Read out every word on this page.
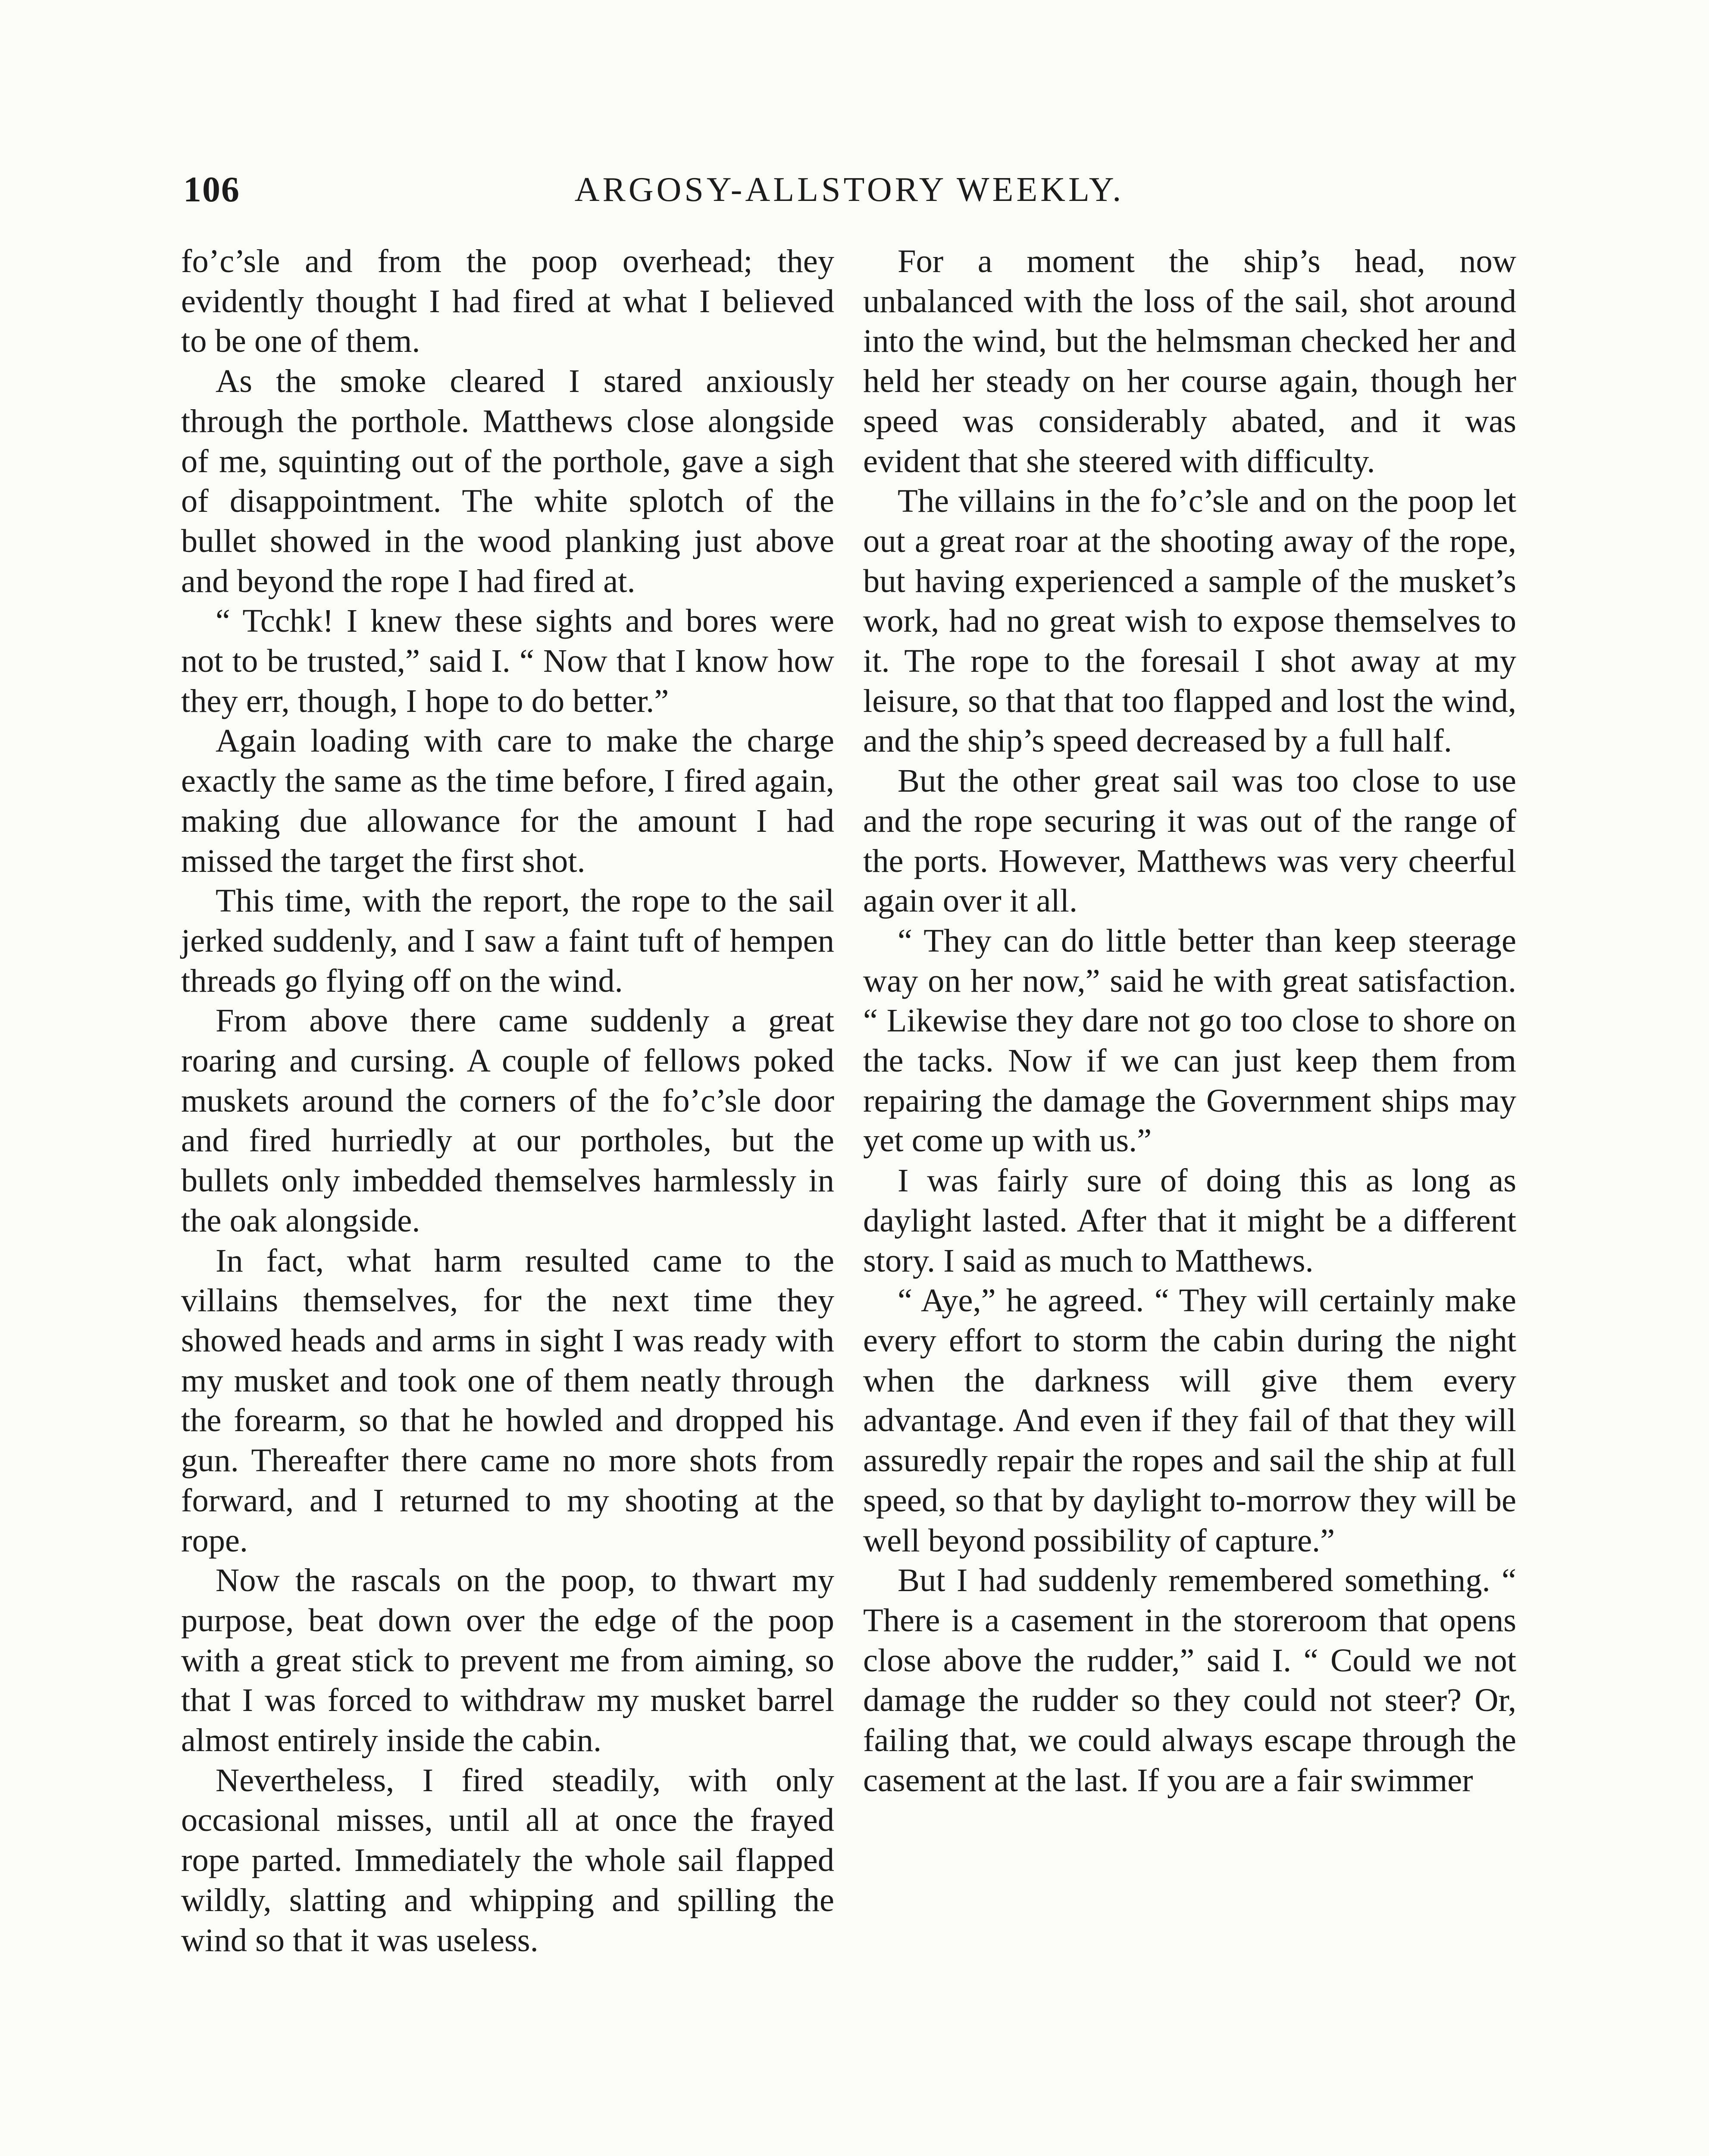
106	ARGOSY-ALLSTORY WEEKLY.

fo’c’sle and from the poop overhead; they evidently thought I had fired at what I believed to be one of them.

As the smoke cleared I stared anxiously through the porthole. Matthews close alongside of me, squinting out of the porthole, gave a sigh of disappointment. The white splotch of the bullet showed in the wood planking just above and beyond the rope I had fired at.

“ Tcchk! I knew these sights and bores were not to be trusted,” said I. “ Now that I know how they err, though, I hope to do better.”

Again loading with care to make the charge exactly the same as the time before, I fired again, making due allowance for the amount I had missed the target the first shot.

This time, with the report, the rope to the sail jerked suddenly, and I saw a faint tuft of hempen threads go flying off on the wind.

From above there came suddenly a great roaring and cursing. A couple of fellows poked muskets around the corners of the fo’c’sle door and fired hurriedly at our portholes, but the bullets only imbedded themselves harmlessly in the oak alongside.

In fact, what harm resulted came to the villains themselves, for the next time they showed heads and arms in sight I was ready with my musket and took one of them neatly through the forearm, so that he howled and dropped his gun. Thereafter there came no more shots from forward, and I returned to my shooting at the rope.

Now the rascals on the poop, to thwart my purpose, beat down over the edge of the poop with a great stick to prevent me from aiming, so that I was forced to withdraw my musket barrel almost entirely inside the cabin.

Nevertheless, I fired steadily, with only occasional misses, until all at once the frayed rope parted. Immediately the whole sail flapped wildly, slatting and whipping and spilling the wind so that it was useless.

For a moment the ship’s head, now unbalanced with the loss of the sail, shot around into the wind, but the helmsman checked her and held her steady on her course again, though her speed was considerably abated, and it was evident that she steered with difficulty.

The villains in the fo’c’sle and on the poop let out a great roar at the shooting away of the rope, but having experienced a sample of the musket’s work, had no great wish to expose themselves to it. The rope to the foresail I shot away at my leisure, so that that too flapped and lost the wind, and the ship’s speed decreased by a full half.

But the other great sail was too close to use and the rope securing it was out of the range of the ports. However, Matthews was very cheerful again over it all.

“ They can do little better than keep steerage way on her now,” said he with great satisfaction. “ Likewise they dare not go too close to shore on the tacks. Now if we can just keep them from repairing the damage the Government ships may yet come up with us.”

I was fairly sure of doing this as long as daylight lasted. After that it might be a different story. I said as much to Matthews.

“ Aye,” he agreed. “ They will certainly make every effort to storm the cabin during the night when the darkness will give them every advantage. And even if they fail of that they will assuredly repair the ropes and sail the ship at full speed, so that by daylight to-morrow they will be well beyond possibility of capture.”

But I had suddenly remembered something. “ There is a casement in the storeroom that opens close above the rudder,” said I. “ Could we not damage the rudder so they could not steer? Or, failing that, we could always escape through the casement at the last. If you are a fair swimmer
